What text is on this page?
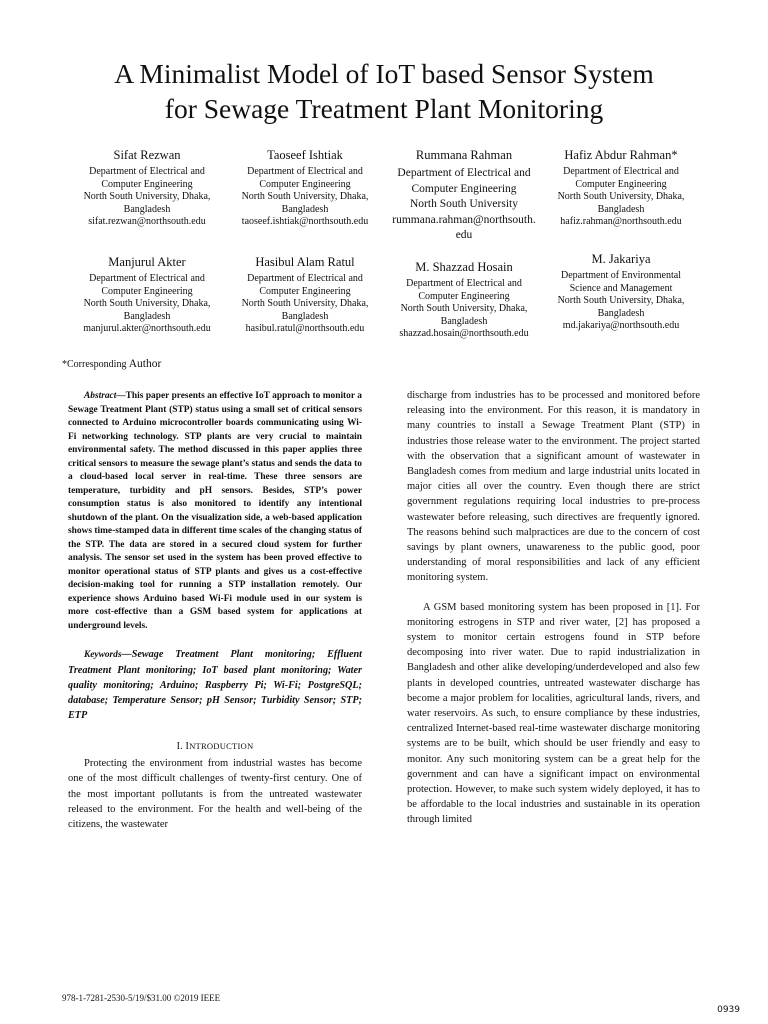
A Minimalist Model of IoT based Sensor System
for Sewage Treatment Plant Monitoring
Sifat Rezwan
Department of Electrical and
Computer Engineering
North South University, Dhaka,
Bangladesh
sifat.rezwan@northsouth.edu
Taoseef Ishtiak
Department of Electrical and
Computer Engineering
North South University, Dhaka,
Bangladesh
taoseef.ishtiak@northsouth.edu
Rummana Rahman
Department of Electrical and
Computer Engineering
North South University
rummana.rahman@northsouth.
edu
Hafiz Abdur Rahman*
Department of Electrical and
Computer Engineering
North South University, Dhaka,
Bangladesh
hafiz.rahman@northsouth.edu
Manjurul Akter
Department of Electrical and
Computer Engineering
North South University, Dhaka,
Bangladesh
manjurul.akter@northsouth.edu
Hasibul Alam Ratul
Department of Electrical and
Computer Engineering
North South University, Dhaka,
Bangladesh
hasibul.ratul@northsouth.edu
M. Shazzad Hosain
Department of Electrical and
Computer Engineering
North South University, Dhaka,
Bangladesh
shazzad.hosain@northsouth.edu
M. Jakariya
Department of Environmental
Science and Management
North South University, Dhaka,
Bangladesh
md.jakariya@northsouth.edu
*Corresponding Author

Abstract—This paper presents an effective IoT approach to monitor a Sewage Treatment Plant (STP) status using a small set of critical sensors connected to Arduino microcontroller boards communicating using Wi-Fi networking technology. STP plants are very crucial to maintain environmental safety. The method discussed in this paper applies three critical sensors to measure the sewage plant’s status and sends the data to a cloud-based local server in real-time. These three sensors are temperature, turbidity and pH sensors. Besides, STP’s power consumption status is also monitored to identify any intentional shutdown of the plant. On the visualization side, a web-based application shows time-stamped data in different time scales of the changing status of the STP. The data are stored in a secured cloud system for further analysis. The sensor set used in the system has been proved effective to monitor operational status of STP plants and gives us a cost-effective decision-making tool for running a STP installation remotely. Our experience shows Arduino based Wi-Fi module used in our system is more cost-effective than a GSM based system for applications at underground levels.

Keywords—Sewage Treatment Plant monitoring; Effluent Treatment Plant monitoring; IoT based plant monitoring; Water quality monitoring; Arduino; Raspberry Pi; Wi-Fi; PostgreSQL; database; Temperature Sensor; pH Sensor; Turbidity Sensor; STP; ETP

I. INTRODUCTION

Protecting the environment from industrial wastes has become one of the most difficult challenges of twenty-first century. One of the most important pollutants is from the untreated wastewater released to the environment. For the health and well-being of the citizens, the wastewater

discharge from industries has to be processed and monitored before releasing into the environment. For this reason, it is mandatory in many countries to install a Sewage Treatment Plant (STP) in industries those release water to the environment. The project started with the observation that a significant amount of wastewater in Bangladesh comes from medium and large industrial units located in major cities all over the country. Even though there are strict government regulations requiring local industries to pre-process wastewater before releasing, such directives are frequently ignored. The reasons behind such malpractices are due to the concern of cost savings by plant owners, unawareness to the public good, poor understanding of moral responsibilities and lack of any efficient monitoring system.

A GSM based monitoring system has been proposed in [1]. For monitoring estrogens in STP and river water, [2] has proposed a system to monitor certain estrogens found in STP before decomposing into river water. Due to rapid industrialization in Bangladesh and other alike developing/underdeveloped and also few plants in developed countries, untreated wastewater discharge has become a major problem for localities, agricultural lands, rivers, and water reservoirs. As such, to ensure compliance by these industries, centralized Internet-based real-time wastewater discharge monitoring systems are to be built, which should be user friendly and easy to monitor. Any such monitoring system can be a great help for the government and can have a significant impact on environmental protection. However, to make such system widely deployed, it has to be affordable to the local industries and sustainable in its operation through limited

978-1-7281-2530-5/19/$31.00 ©2019 IEEE
0939
